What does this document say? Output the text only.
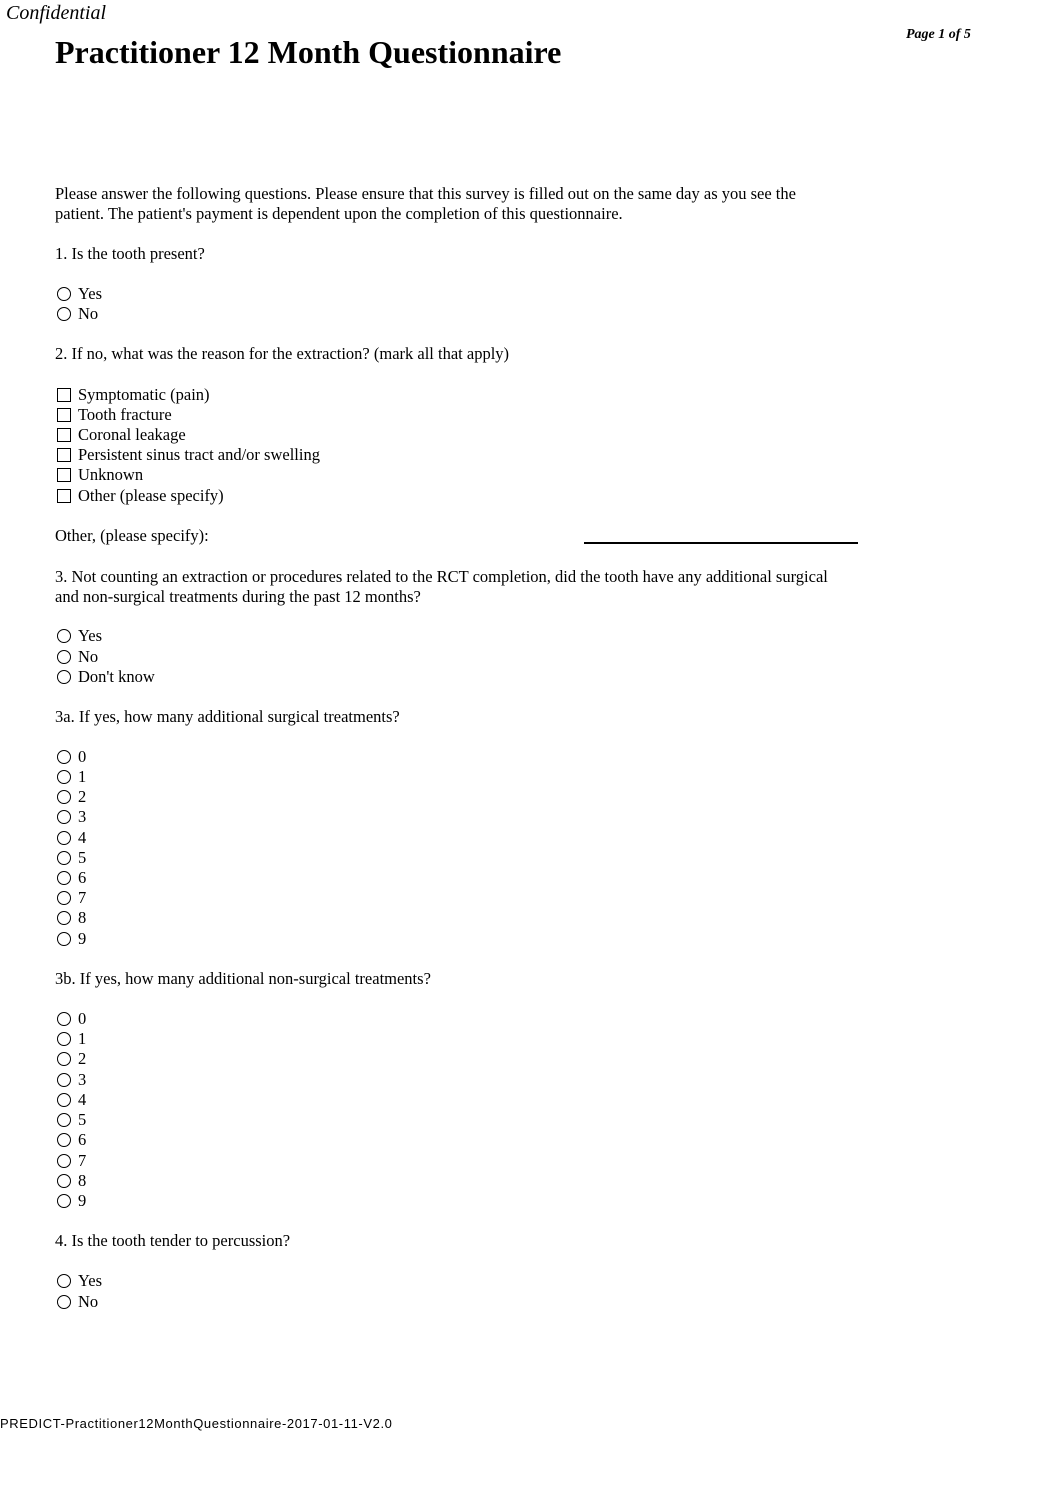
Confidential
Practitioner 12 Month Questionnaire	Page 1 of 5
Please answer the following questions. Please ensure that this survey is filled out on the same day as you see the
patient. The patient's payment is dependent upon the completion of this questionnaire.
1. Is the tooth present?
Yes
No
2. If no, what was the reason for the extraction? (mark all that apply)
Symptomatic (pain)
Tooth fracture
Coronal leakage
Persistent sinus tract and/or swelling
Unknown
Other (please specify)
Other, (please specify):
3. Not counting an extraction or procedures related to the RCT completion, did the tooth have any additional surgical
and non-surgical treatments during the past 12 months?
Yes
No
Don't know
3a. If yes, how many additional surgical treatments?
0
1
2
3
4
5
6
7
8
9
3b. If yes, how many additional non-surgical treatments?
0
1
2
3
4
5
6
7
8
9
4. Is the tooth tender to percussion?
Yes
No
PREDICT-Practitioner12MonthQuestionnaire-2017-01-11-V2.0
